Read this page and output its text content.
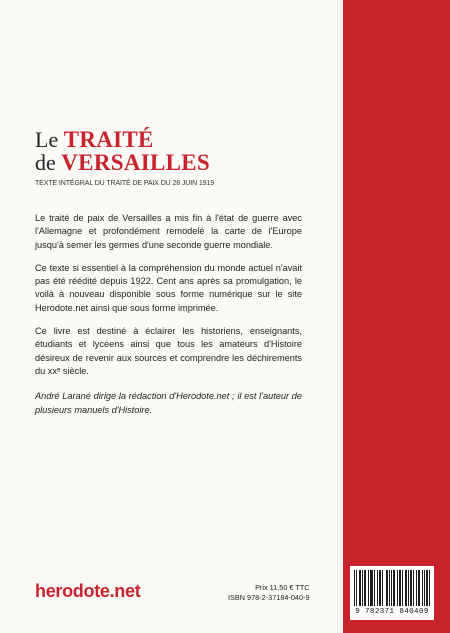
Le TRAITÉ

de VERSAILLES

TEXTE INTÉGRAL DU TRAITÉ DE PAIX DU 28 JUIN 1919

Le traité de paix de Versailles a mis fin à l'état de guerre avec l'Allemagne et profondément remodelé la carte de l'Europe jusqu'à semer les germes d'une seconde guerre mondiale.

Ce texte si essentiel à la compréhension du monde actuel n'avait pas été réédité depuis 1922. Cent ans après sa promulgation, le voilà à nouveau disponible sous forme numérique sur le site Herodote.net ainsi que sous forme imprimée.

Ce livre est destiné à éclairer les historiens, enseignants, étudiants et lycéens ainsi que tous les amateurs d'Histoire désireux de revenir aux sources et comprendre les déchirements du xxᵉ siècle.

André Larané dirige la rédaction d'Herodote.net ; il est l'auteur de plusieurs manuels d'Histoire.

herodote.net	Prix 11,50 € TTC
ISBN 978-2-37184-040-9
9 782371 840409
